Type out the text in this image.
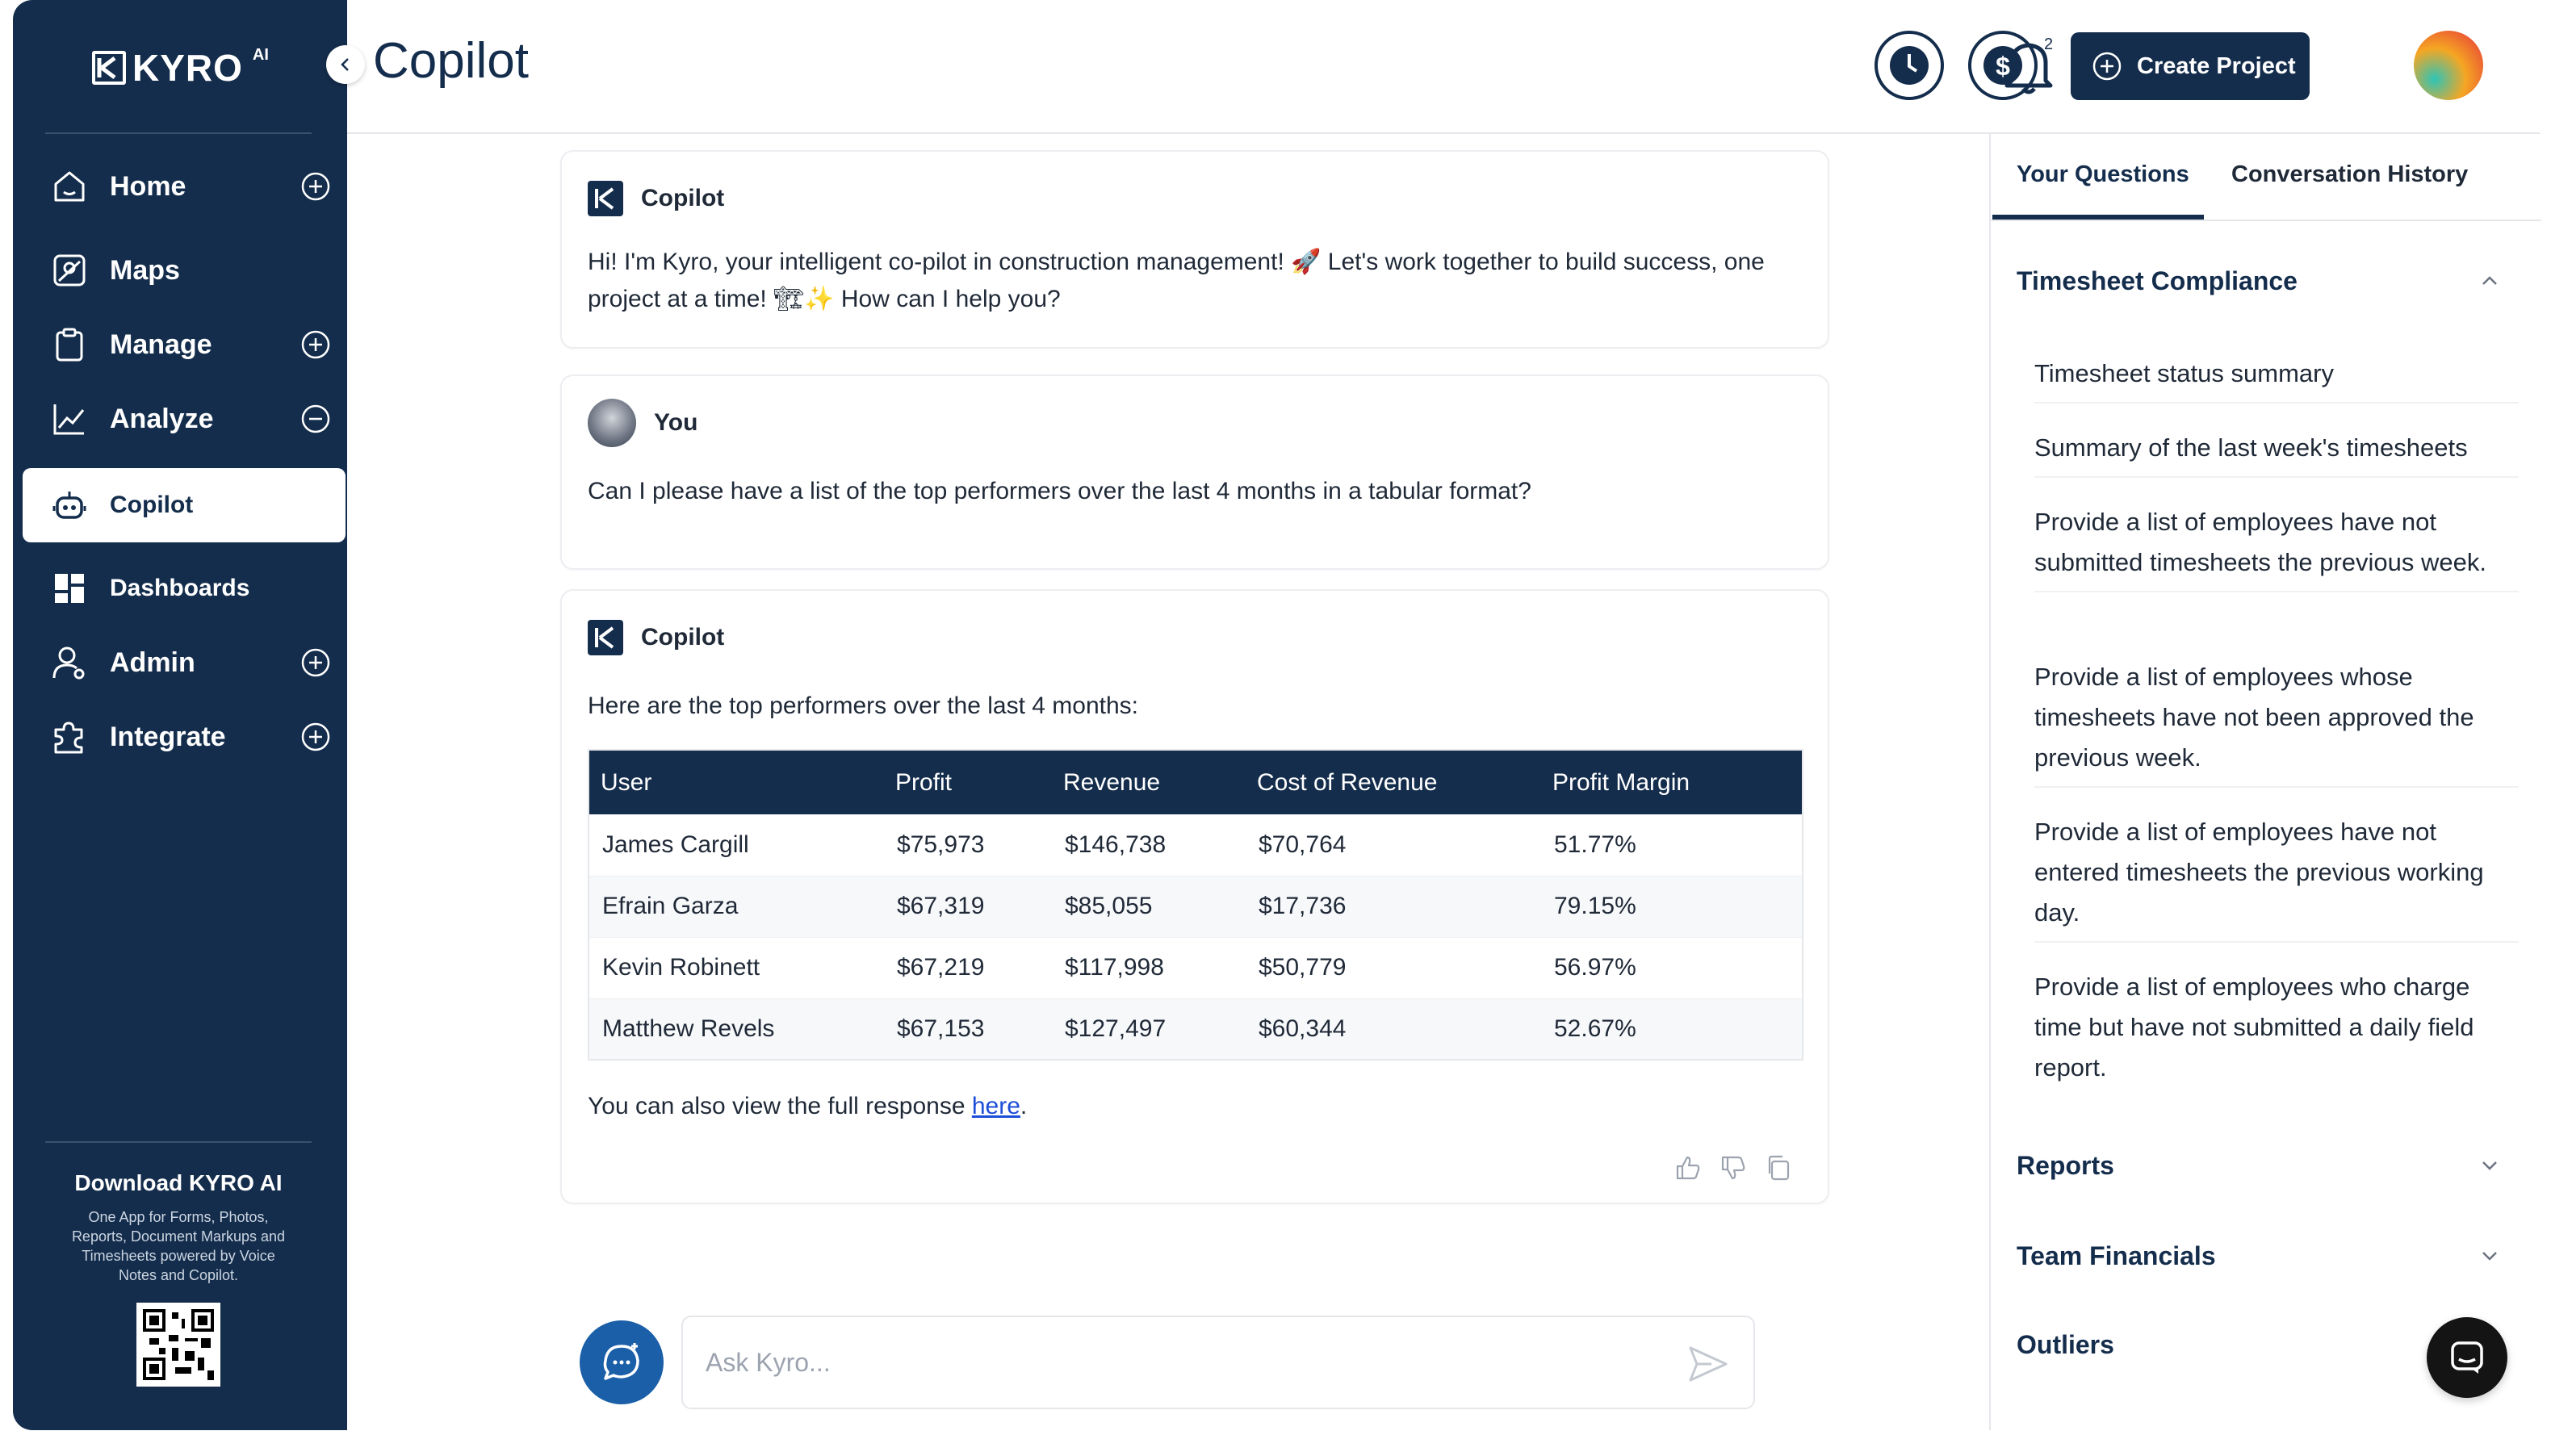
KYRO AI
Home
Maps
Manage
Analyze
Copilot
Dashboards
Admin
Integrate
Download KYRO AI
One App for Forms, Photos, Reports, Document Markups and Timesheets powered by Voice Notes and Copilot.
Copilot	$	Create Project
2
Copilot
Hi! I'm Kyro, your intelligent co-pilot in construction management! 🚀 Let's work together to build success, one
project at a time! 🏗✨ How can I help you?
You
Can I please have a list of the top performers over the last 4 months in a tabular format?
Copilot
Here are the top performers over the last 4 months:
User	Profit	Revenue	Cost of Revenue	Profit Margin
James Cargill	$75,973	$146,738	$70,764	51.77%
Efrain Garza	$67,319	$85,055	$17,736	79.15%
Kevin Robinett	$67,219	$117,998	$50,779	56.97%
Matthew Revels	$67,153	$127,497	$60,344	52.67%
You can also view the full response here.
Ask Kyro...
Your Questions Conversation History
Timesheet Compliance
Timesheet status summary
Summary of the last week's timesheets
Provide a list of employees have not submitted timesheets the previous week.
Provide a list of employees whose timesheets have not been approved the previous week.
Provide a list of employees have not entered timesheets the previous working day.
Provide a list of employees who charge time but have not submitted a daily field report.
Reports
Team Financials
Outliers
